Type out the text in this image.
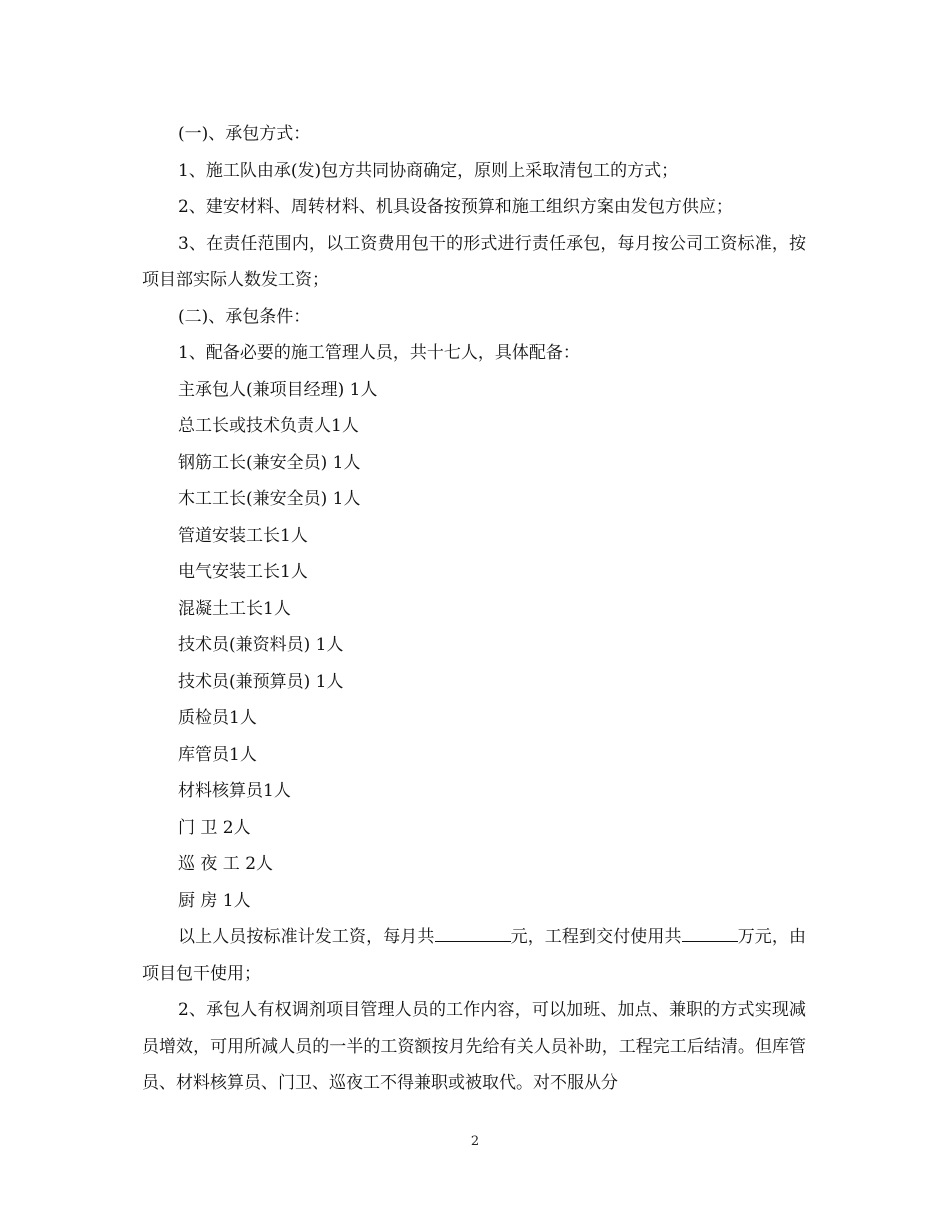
(一)、承包方式：

1、施工队由承(发)包方共同协商确定，原则上采取清包工的方式；

2、建安材料、周转材料、机具设备按预算和施工组织方案由发包方供应；

3、在责任范围内，以工资费用包干的形式进行责任承包，每月按公司工资标准，按项目部实际人数发工资；

(二)、承包条件：

1、配备必要的施工管理人员，共十七人，具体配备：

主承包人(兼项目经理) 1人

总工长或技术负责人1人

钢筋工长(兼安全员) 1人

木工工长(兼安全员) 1人

管道安装工长1人

电气安装工长1人

混凝土工长1人

技术员(兼资料员) 1人

技术员(兼预算员) 1人

质检员1人

库管员1人

材料核算员1人

门 卫 2人

巡 夜 工 2人

厨 房 1人

以上人员按标准计发工资，每月共	元，工程到交付使用共	万元，由项目包干使用；

2、承包人有权调剂项目管理人员的工作内容，可以加班、加点、兼职的方式实现减员增效，可用所减人员的一半的工资额按月先给有关人员补助，工程完工后结清。但库管员、材料核算员、门卫、巡夜工不得兼职或被取代。对不服从分

2
